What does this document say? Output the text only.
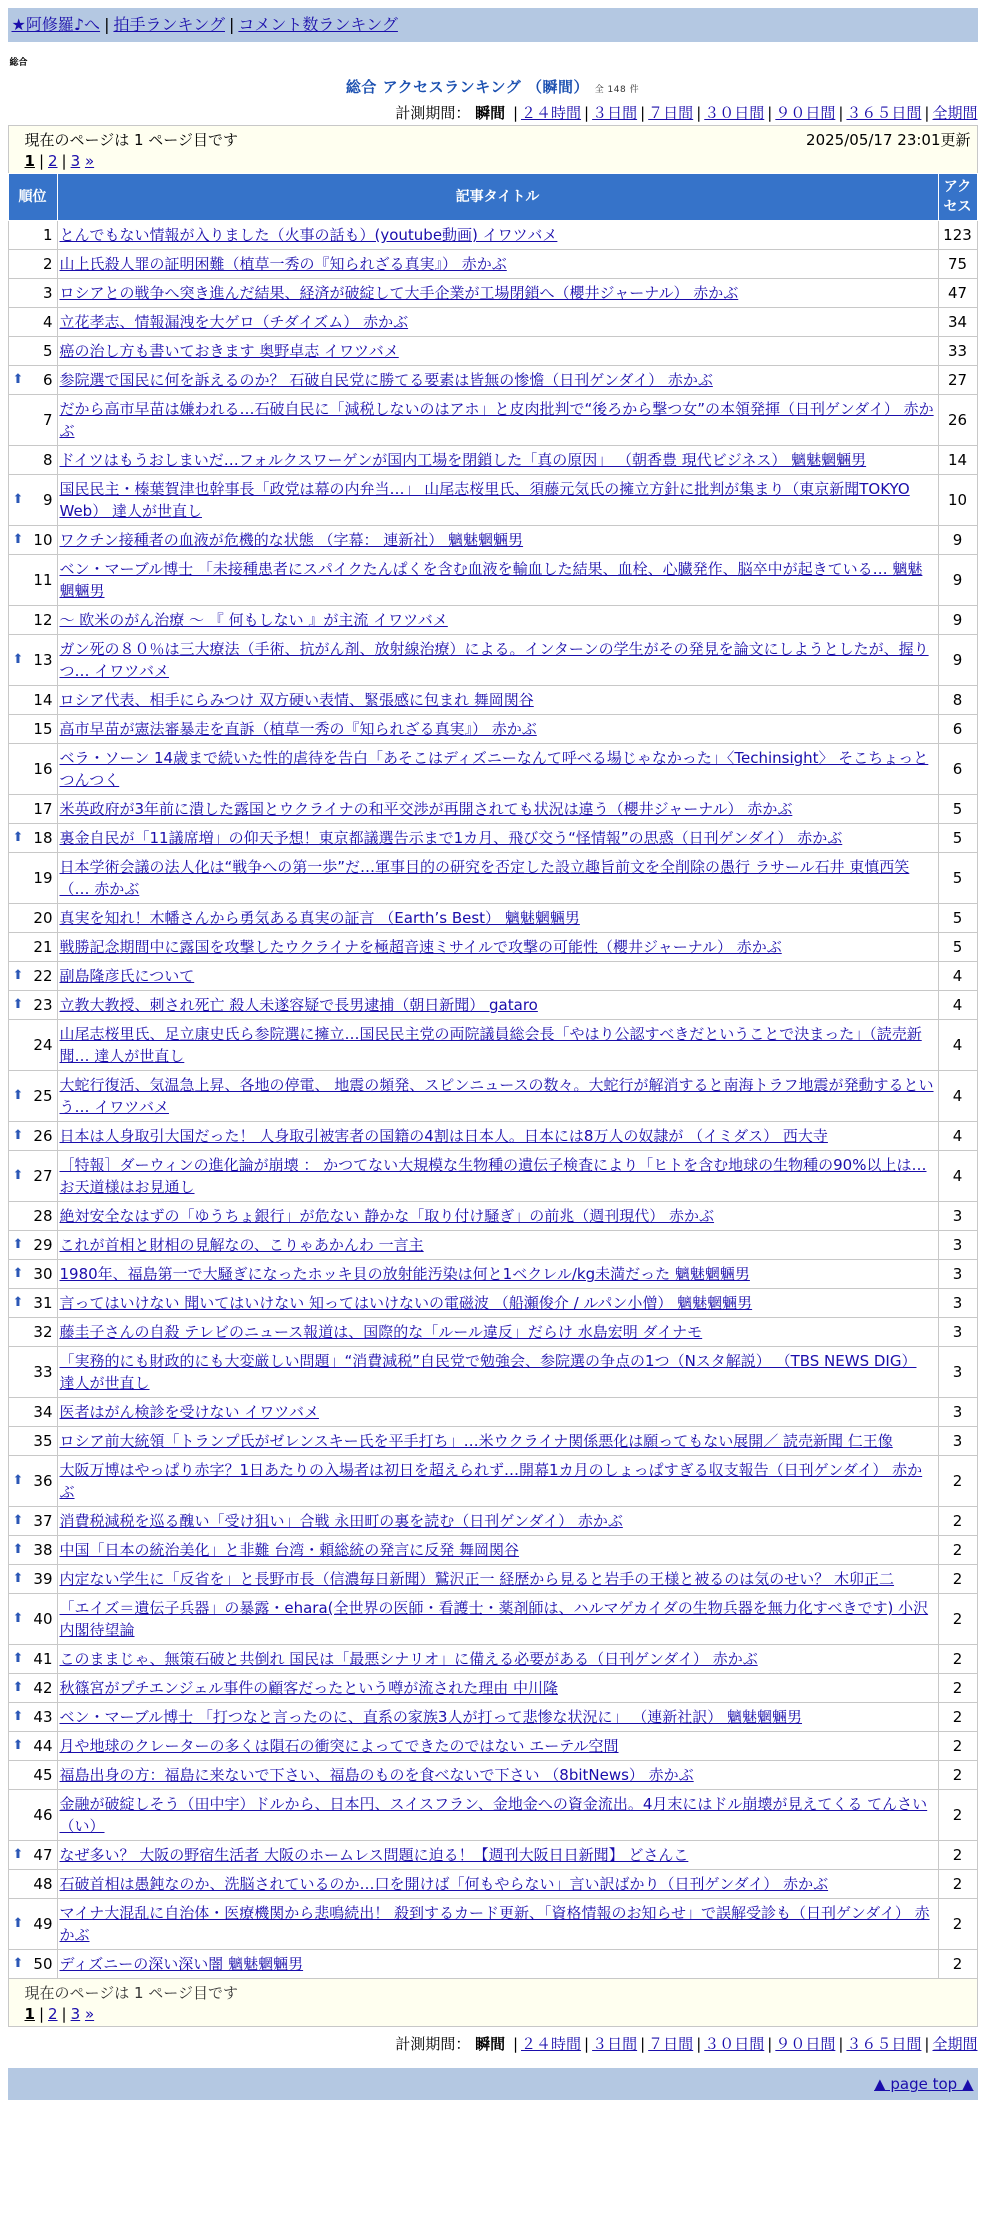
★阿修羅♪へ | 拍手ランキング | コメント数ランキング
総合
総合 アクセスランキング （瞬間） 全 148 件
計測期間： 瞬間 | ２４時間 | ３日間 | ７日間 | ３０日間 | ９０日間 | ３６５日間 | 全期間
現在のページは 1 ページ目です	2025/05/17 23:01更新
1 | 2 | 3 »
順位	記事タイトル	アクセス
1	とんでもない情報が入りました（火事の話も）(youtube動画) イワツバメ	123
2	山上氏殺人罪の証明困難（植草一秀の『知られざる真実』） 赤かぶ	75
3	ロシアとの戦争へ突き進んだ結果、経済が破綻して大手企業が工場閉鎖へ（櫻井ジャーナル） 赤かぶ	47
4	立花孝志、情報漏洩を大ゲロ（チダイズム） 赤かぶ	34
5	癌の治し方も書いておきます 奥野卓志 イワツバメ	33

⬆ 6	参院選で国民に何を訴えるのか？ 石破自民党に勝てる要素は皆無の惨憺（日刊ゲンダイ） 赤かぶ	27
7	だから高市早苗は嫌われる…石破自民に「減税しないのはアホ」と皮肉批判で“後ろから撃つ女”の本領発揮（日刊ゲンダイ） 赤かぶ	26
8	ドイツはもうおしまいだ…フォルクスワーゲンが国内工場を閉鎖した「真の原因」 （朝香豊 現代ビジネス） 魑魅魍魎男	14

⬆ 9	国民民主・榛葉賀津也幹事長「政党は幕の内弁当…」 山尾志桜里氏、須藤元気氏の擁立方針に批判が集まり（東京新聞TOKYO Web） 達人が世直し	10

⬆ 10	ワクチン接種者の血液が危機的な状態 （字幕： 連新社） 魑魅魍魎男	9
11	ベン・マーブル博士 「未接種患者にスパイクたんぱくを含む血液を輸血した結果、血栓、心臓発作、脳卒中が起きている… 魑魅魍魎男	9
12	～ 欧米のがん治療 ～ 『 何もしない 』が主流 イワツバメ	9

⬆ 13	ガン死の８０％は三大療法（手術、抗がん剤、放射線治療）による。インターンの学生がその発見を論文にしようとしたが、握りつ… イワツバメ	9
14	ロシア代表、相手にらみつけ 双方硬い表情、緊張感に包まれ 舞岡関谷	8
15	高市早苗が憲法審暴走を直訴（植草一秀の『知られざる真実』） 赤かぶ	6
16	ベラ・ソーン 14歳まで続いた性的虐待を告白「あそこはディズニーなんて呼べる場じゃなかった」〈Techinsight〉 そこちょっとつんつく	6
17	米英政府が3年前に潰した露国とウクライナの和平交渉が再開されても状況は違う（櫻井ジャーナル） 赤かぶ	5

⬆ 18	裏金自民が「11議席増」の仰天予想！東京都議選告示まで1カ月、飛び交う“怪情報”の思惑（日刊ゲンダイ） 赤かぶ	5
19	日本学術会議の法人化は“戦争への第一歩”だ…軍事目的の研究を否定した設立趣旨前文を全削除の愚行 ラサール石井 東慎西笑（… 赤かぶ	5
20	真実を知れ！木幡さんから勇気ある真実の証言 （Earth’s Best） 魑魅魍魎男	5
21	戦勝記念期間中に露国を攻撃したウクライナを極超音速ミサイルで攻撃の可能性（櫻井ジャーナル） 赤かぶ	5

⬆ 22	副島隆彦氏について	4

⬆ 23	立教大教授、刺され死亡 殺人未遂容疑で長男逮捕（朝日新聞） gataro	4
24	山尾志桜里氏、足立康史氏ら参院選に擁立…国民民主党の両院議員総会長「やはり公認すべきだということで決まった」（読売新聞… 達人が世直し	4

⬆ 25	大蛇行復活、気温急上昇、各地の停電、 地震の頻発、スピンニュースの数々。大蛇行が解消すると南海トラフ地震が発動するという… イワツバメ	4

⬆ 26	日本は人身取引大国だった！ 人身取引被害者の国籍の4割は日本人。日本には8万人の奴隷が （イミダス） 西大寺	4

⬆ 27	［特報］ダーウィンの進化論が崩壊 ： かつてない大規模な生物種の遺伝子検査により「ヒトを含む地球の生物種の90%以上は… お天道様はお見通し	4
28	絶対安全なはずの「ゆうちょ銀行」が危ない 静かな「取り付け騒ぎ」の前兆（週刊現代） 赤かぶ	3

⬆ 29	これが首相と財相の見解なの、こりゃあかんわ 一言主	3

⬆ 30	1980年、福島第一で大騒ぎになったホッキ貝の放射能汚染は何と1ベクレル/kg未満だった 魑魅魍魎男	3

⬆ 31	言ってはいけない 聞いてはいけない 知ってはいけないの電磁波 （船瀬俊介 / ルパン小僧） 魑魅魍魎男	3
32	藤圭子さんの自殺 テレビのニュース報道は、国際的な「ルール違反」だらけ 水島宏明 ダイナモ	3
33	「実務的にも財政的にも大変厳しい問題」“消費減税”自民党で勉強会、参院選の争点の1つ（Nスタ解説） （TBS NEWS DIG） 達人が世直し	3
34	医者はがん検診を受けない イワツバメ	3
35	ロシア前大統領「トランプ氏がゼレンスキー氏を平手打ち」…米ウクライナ関係悪化は願ってもない展開／ 読売新聞 仁王像	3

⬆ 36	大阪万博はやっぱり赤字？1日あたりの入場者は初日を超えられず…開幕1カ月のしょっぱすぎる収支報告（日刊ゲンダイ） 赤かぶ	2

⬆ 37	消費税減税を巡る醜い「受け狙い」合戦 永田町の裏を読む（日刊ゲンダイ） 赤かぶ	2

⬆ 38	中国「日本の統治美化」と非難 台湾・頼総統の発言に反発 舞岡関谷	2

⬆ 39	内定ない学生に「反省を」と長野市長（信濃毎日新聞）鷲沢正一 経歴から見ると岩手の王様と被るのは気のせい？ 木卯正二	2

⬆ 40	「エイズ＝遺伝子兵器」の暴露・ehara(全世界の医師・看護士・薬剤師は、ハルマゲカイダの生物兵器を無力化すべきです) 小沢内閣待望論	2

⬆ 41	このままじゃ、無策石破と共倒れ 国民は「最悪シナリオ」に備える必要がある（日刊ゲンダイ） 赤かぶ	2

⬆ 42	秋篠宮がプチエンジェル事件の顧客だったという噂が流された理由 中川隆	2

⬆ 43	ベン・マーブル博士 「打つなと言ったのに、直系の家族3人が打って悲惨な状況に」 （連新社訳） 魑魅魍魎男	2

⬆ 44	月や地球のクレーターの多くは隕石の衝突によってできたのではない エーテル空間	2
45	福島出身の方：福島に来ないで下さい、福島のものを食べないで下さい （8bitNews） 赤かぶ	2
46	金融が破綻しそう（田中宇）ドルから、日本円、スイスフラン、金地金への資金流出。4月末にはドル崩壊が見えてくる てんさい（い）	2

⬆ 47	なぜ多い？ 大阪の野宿生活者 大阪のホームレス問題に迫る！【週刊大阪日日新聞】 どさんこ	2
48	石破首相は愚鈍なのか、洗脳されているのか…口を開けば「何もやらない」言い訳ばかり（日刊ゲンダイ） 赤かぶ	2

⬆ 49	マイナ大混乱に自治体・医療機関から悲鳴続出！ 殺到するカード更新、「資格情報のお知らせ」で誤解受診も（日刊ゲンダイ） 赤かぶ	2

⬆ 50	ディズニーの深い深い闇 魑魅魍魎男	2
現在のページは 1 ページ目です
1 | 2 | 3 »
計測期間： 瞬間 | ２４時間 | ３日間 | ７日間 | ３０日間 | ９０日間 | ３６５日間 | 全期間
▲ page top ▲
